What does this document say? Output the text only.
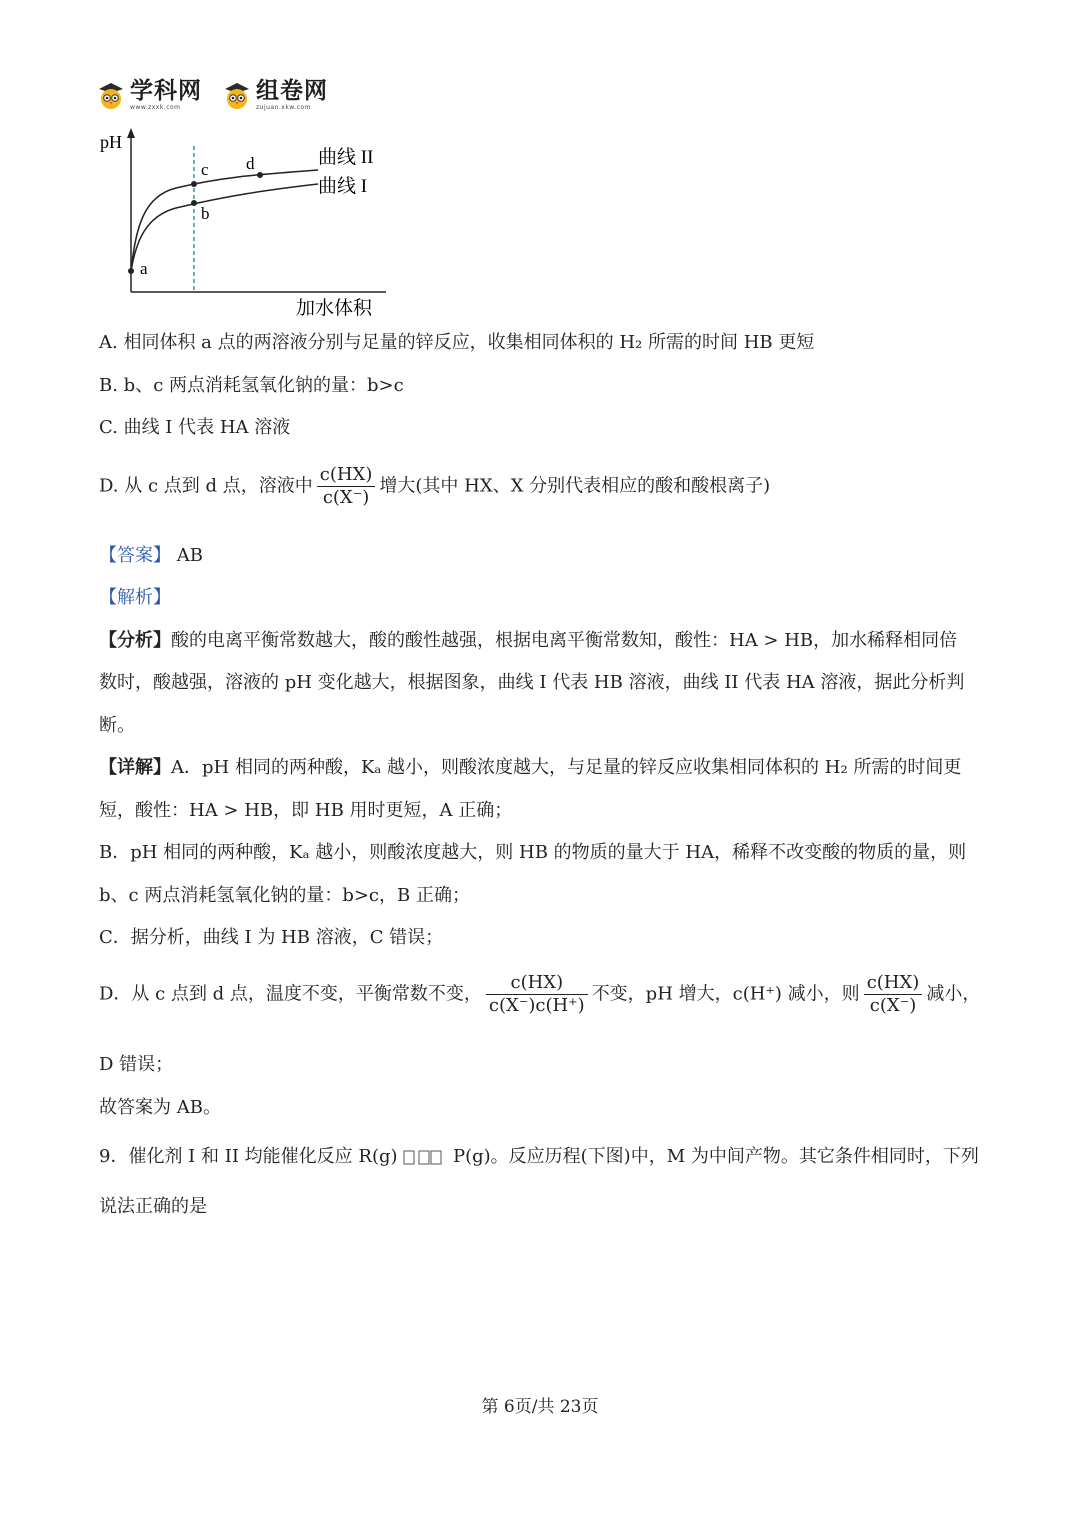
学科网
www.zxxk.com
组卷网
zujuan.xkw.com
pH
加水体积
a
b
c d	曲线 II
曲线 I
A. 相同体积 a 点的两溶液分别与足量的锌反应，收集相同体积的 H₂ 所需的时间 HB 更短
B. b、c 两点消耗氢氧化钠的量：b>c
C. 曲线 I 代表 HA 溶液
D. 从 c 点到 d 点，溶液中 $\frac{c(HX)}{c(X^-)}$ 增大(其中 HX、X 分别代表相应的酸和酸根离子)
【答案】 AB
【解析】
【分析】酸的电离平衡常数越大，酸的酸性越强，根据电离平衡常数知，酸性：HA > HB，加水稀释相同倍
数时，酸越强，溶液的 pH 变化越大，根据图象，曲线 I 代表 HB 溶液，曲线 II 代表 HA 溶液，据此分析判
断。
【详解】A．pH 相同的两种酸，Kₐ 越小，则酸浓度越大，与足量的锌反应收集相同体积的 H₂ 所需的时间更
短，酸性：HA > HB，即 HB 用时更短，A 正确；
B．pH 相同的两种酸，Kₐ 越小，则酸浓度越大，则 HB 的物质的量大于 HA，稀释不改变酸的物质的量，则
b、c 两点消耗氢氧化钠的量：b>c，B 正确；
C．据分析，曲线 I 为 HB 溶液，C 错误；
D．从 c 点到 d 点，温度不变，平衡常数不变， $\frac{c(HX)}{c(X^-)c(H^+)}$ 不变，pH 增大，c(H⁺) 减小，则 $\frac{c(HX)}{c(X^-)}$ 减小，
D 错误；
故答案为 AB。
9．催化剂 I 和 II 均能催化反应 R(g)	P(g)。反应历程(下图)中，M 为中间产物。其它条件相同时，下列
说法正确的是
第 6页/共 23页
